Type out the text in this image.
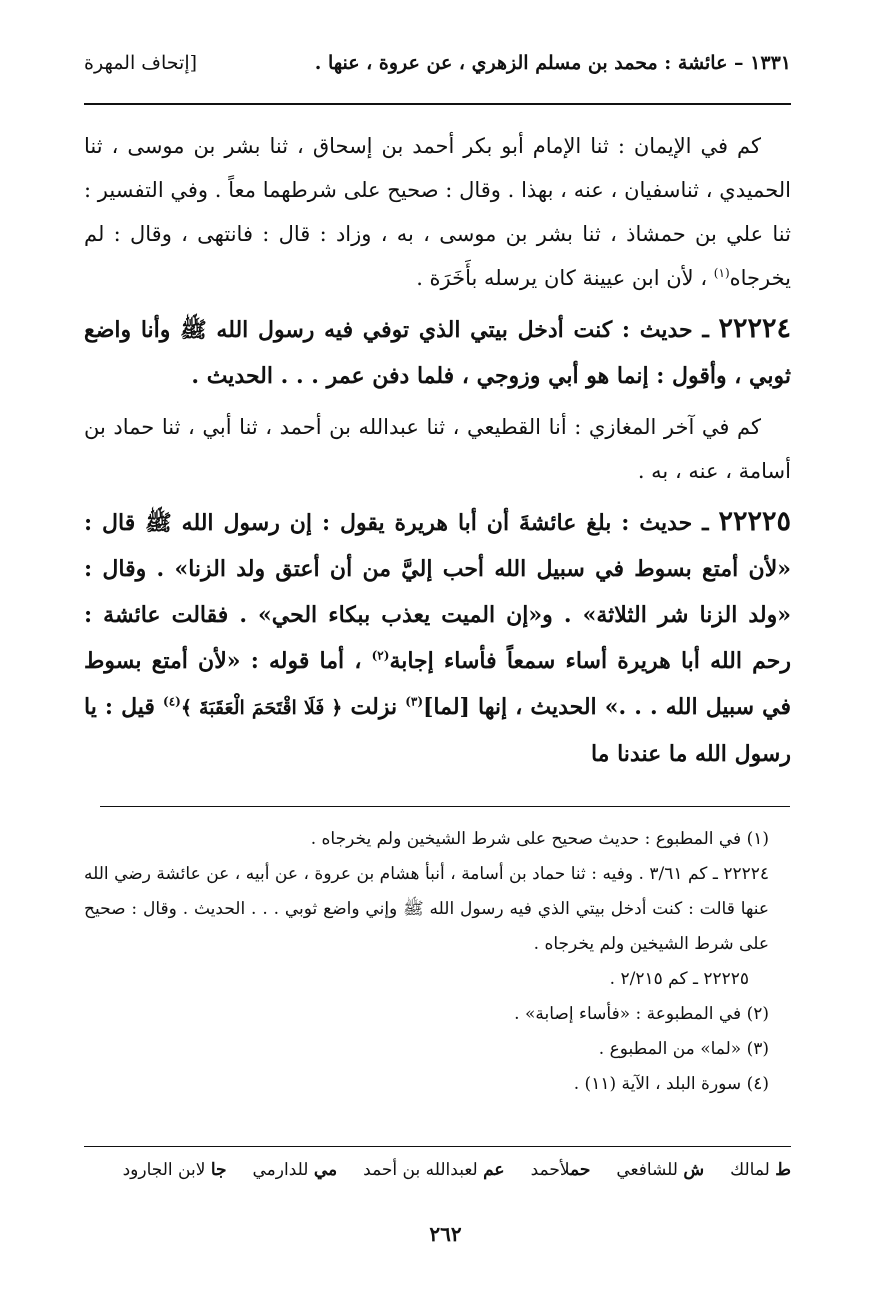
١٣٣١ – عائشة : محمد بن مسلم الزهري ، عن عروة ، عنها .
[إتحاف المهرة

كم في الإيمان : ثنا الإمام أبو بكر أحمد بن إسحاق ، ثنا بشر بن موسى ، ثنا الحميدي ، ثناسفيان ، عنه ، بهذا . وقال : صحيح على شرطهما معاً . وفي التفسير : ثنا علي بن حمشاذ ، ثنا بشر بن موسى ، به ، وزاد : قال : فانتهى ، وقال : لم يخرجاه$^{(١)}$ ، لأن ابن عيينة كان يرسله بأَخَرَة .

٢٢٢٢٤ ـ حديث : كنت أدخل بيتي الذي توفي فيه رسول الله ﷺ وأنا واضع ثوبي ، وأقول : إنما هو أبي وزوجي ، فلما دفن عمر . . . الحديث .

كم في آخر المغازي : أنا القطيعي ، ثنا عبدالله بن أحمد ، ثنا أبي ، ثنا حماد بن أسامة ، عنه ، به .

٢٢٢٢٥ ـ حديث : بلغ عائشةَ أن أبا هريرة يقول : إن رسول الله ﷺ قال : «لأن أمتع بسوط في سبيل الله أحب إليَّ من أن أعتق ولد الزنا» . وقال : «ولد الزنا شر الثلاثة» . و«إن الميت يعذب ببكاء الحي» . فقالت عائشة : رحم الله أبا هريرة أساء سمعاً فأساء إجابة$^{(٢)}$ ، أما قوله : «لأن أمتع بسوط في سبيل الله . . .» الحديث ، إنها [لما]$^{(٣)}$ نزلت ﴿ فَلَا اقْتَحَمَ الْعَقَبَةَ ﴾$^{(٤)}$ قيل : يا رسول الله ما عندنا ما

(١) في المطبوع : حديث صحيح على شرط الشيخين ولم يخرجاه .

٢٢٢٢٤ ـ كم ٣/٦١ . وفيه : ثنا حماد بن أسامة ، أنبأ هشام بن عروة ، عن أبيه ، عن عائشة رضي الله عنها قالت : كنت أدخل بيتي الذي فيه رسول الله ﷺ وإني واضع ثوبي . . . الحديث . وقال : صحيح على شرط الشيخين ولم يخرجاه .

٢٢٢٢٥ ـ كم ٢/٢١٥ .

(٢) في المطبوعة : «فأساء إصابة» .

(٣) «لما» من المطبوع .

(٤) سورة البلد ، الآية (١١) .

ط لمالك
ش للشافعي
حملأحمد
عم لعبدالله بن أحمد
مي للدارمي
جا لابن الجارود
٢٦٢
